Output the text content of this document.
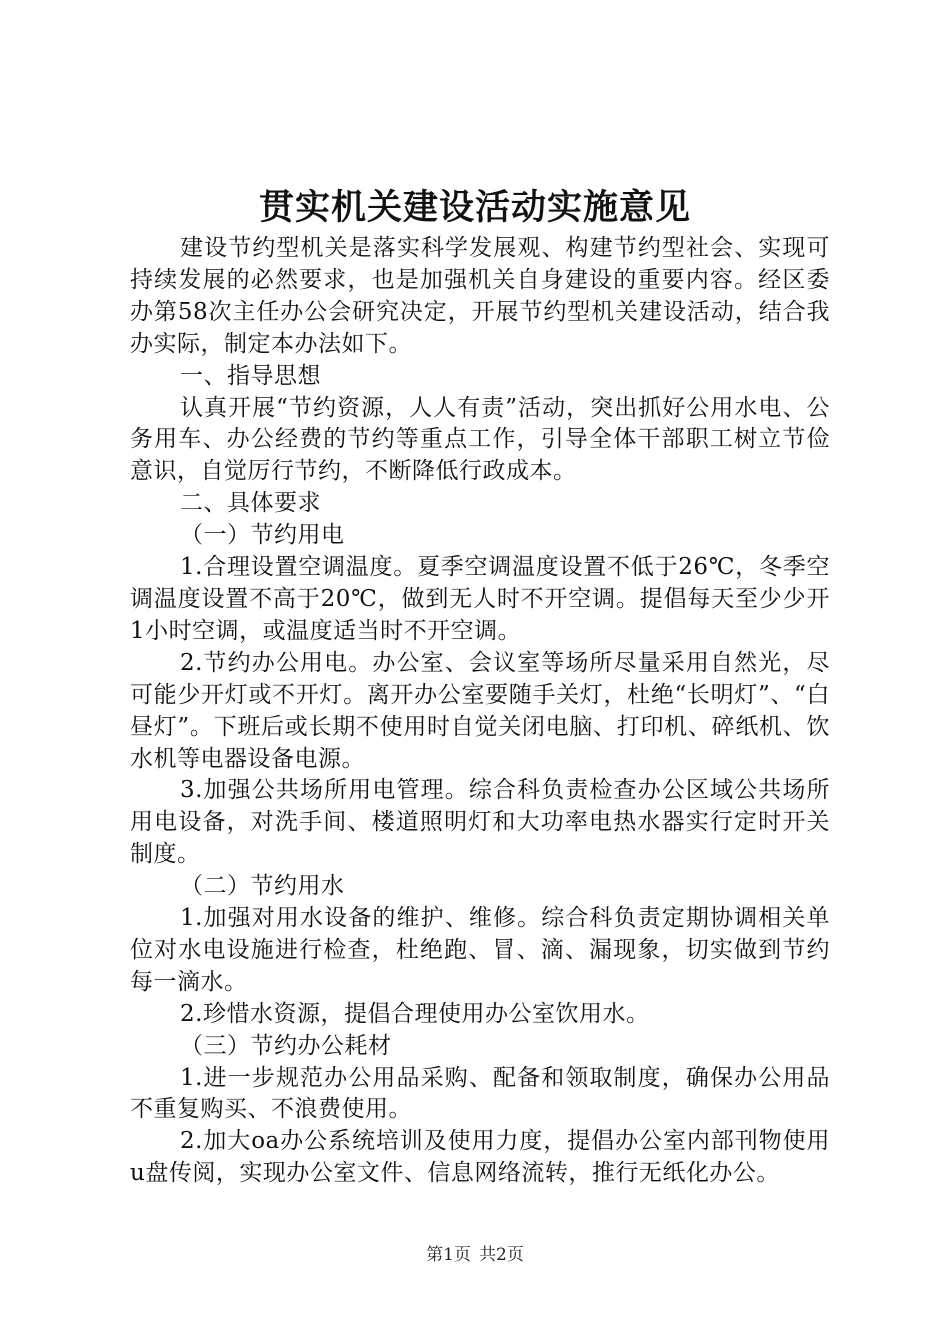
贯实机关建设活动实施意见

建设节约型机关是落实科学发展观、构建节约型社会、实现可持续发展的必然要求，也是加强机关自身建设的重要内容。经区委办第58次主任办公会研究决定，开展节约型机关建设活动，结合我办实际，制定本办法如下。

一、指导思想

认真开展“节约资源，人人有责”活动，突出抓好公用水电、公务用车、办公经费的节约等重点工作，引导全体干部职工树立节俭意识，自觉厉行节约，不断降低行政成本。

二、具体要求

（一）节约用电

1.合理设置空调温度。夏季空调温度设置不低于26℃，冬季空调温度设置不高于20℃，做到无人时不开空调。提倡每天至少少开1小时空调，或温度适当时不开空调。

2.节约办公用电。办公室、会议室等场所尽量采用自然光，尽可能少开灯或不开灯。离开办公室要随手关灯，杜绝“长明灯”、“白昼灯”。下班后或长期不使用时自觉关闭电脑、打印机、碎纸机、饮水机等电器设备电源。

3.加强公共场所用电管理。综合科负责检查办公区域公共场所用电设备，对洗手间、楼道照明灯和大功率电热水器实行定时开关制度。

（二）节约用水

1.加强对用水设备的维护、维修。综合科负责定期协调相关单位对水电设施进行检查，杜绝跑、冒、滴、漏现象，切实做到节约每一滴水。

2.珍惜水资源，提倡合理使用办公室饮用水。

（三）节约办公耗材

1.进一步规范办公用品采购、配备和领取制度，确保办公用品不重复购买、不浪费使用。

2.加大oa办公系统培训及使用力度，提倡办公室内部刊物使用u盘传阅，实现办公室文件、信息网络流转，推行无纸化办公。

第1页 共2页
